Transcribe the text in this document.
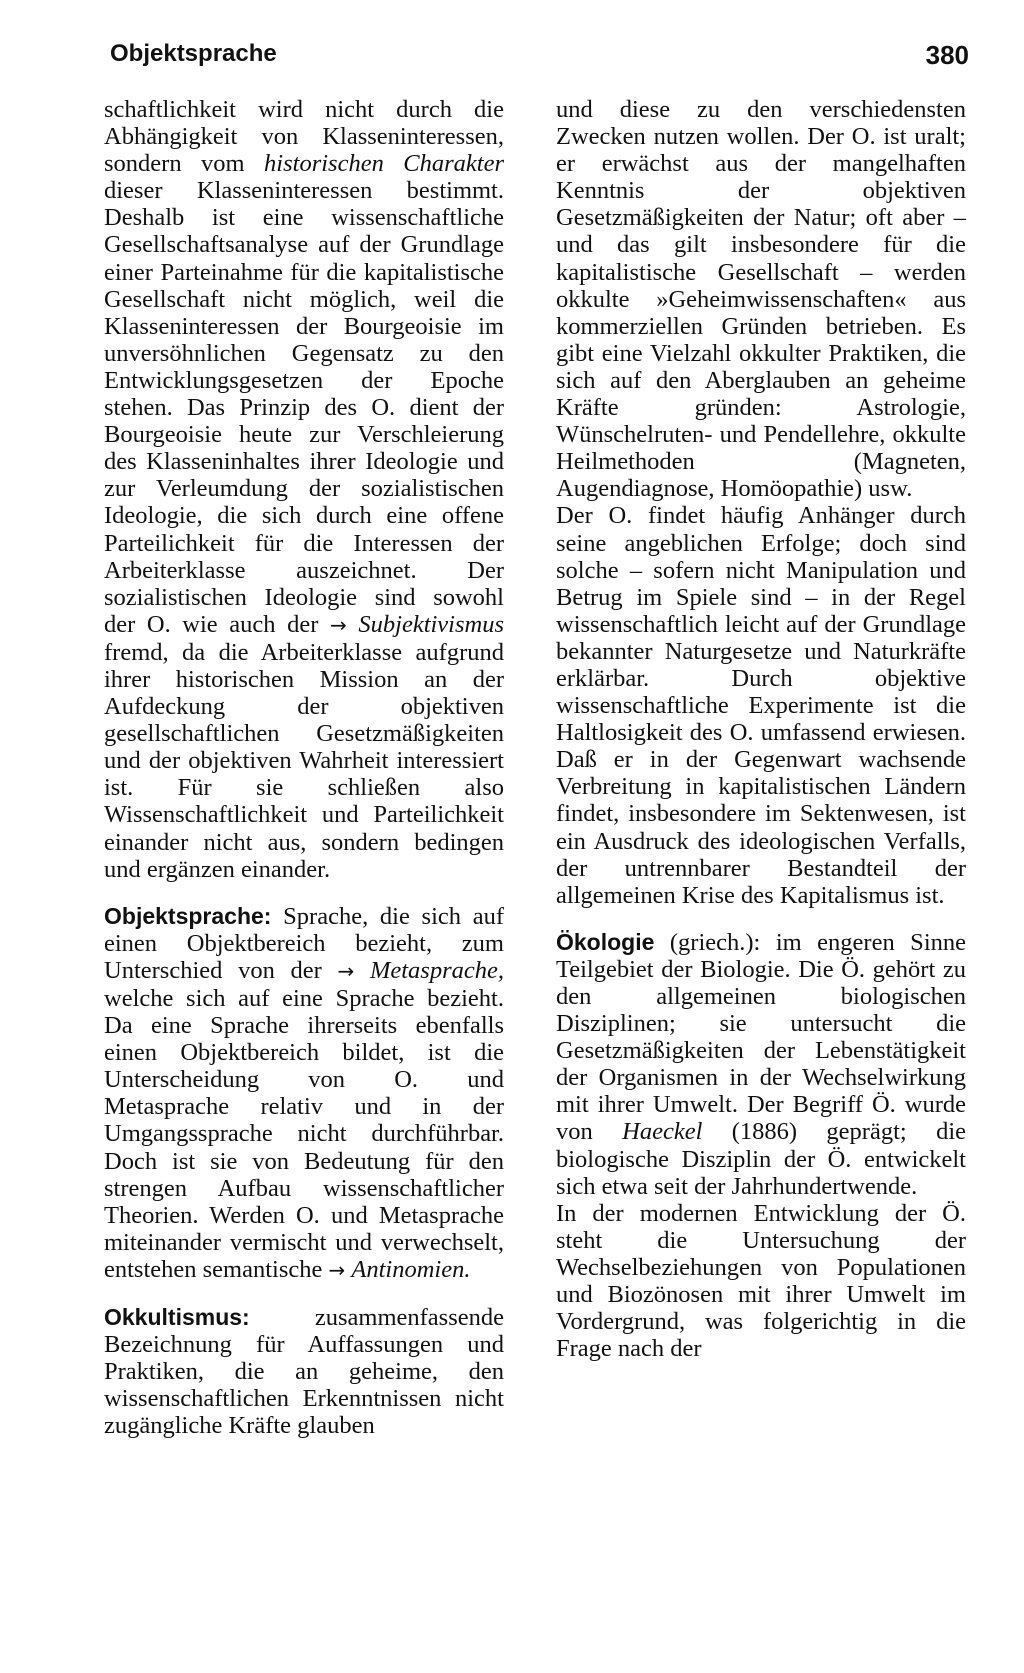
Objektsprache	380

schaftlichkeit wird nicht durch die Abhängigkeit von Klasseninteressen, sondern vom historischen Charakter dieser Klasseninteressen bestimmt. Deshalb ist eine wissenschaftliche Gesellschaftsanalyse auf der Grundlage einer Parteinahme für die kapitalistische Gesellschaft nicht möglich, weil die Klasseninteressen der Bourgeoisie im unversöhnlichen Gegensatz zu den Entwicklungsgesetzen der Epoche stehen. Das Prinzip des O. dient der Bourgeoisie heute zur Verschleierung des Klasseninhaltes ihrer Ideologie und zur Verleumdung der sozialistischen Ideologie, die sich durch eine offene Parteilichkeit für die Interessen der Arbeiterklasse auszeichnet. Der sozialistischen Ideologie sind sowohl der O. wie auch der → Subjektivismus fremd, da die Arbeiterklasse aufgrund ihrer historischen Mission an der Aufdeckung der objektiven gesellschaftlichen Gesetzmäßigkeiten und der objektiven Wahrheit interessiert ist. Für sie schließen also Wissenschaftlichkeit und Parteilichkeit einander nicht aus, sondern bedingen und ergänzen einander.

Objektsprache: Sprache, die sich auf einen Objektbereich bezieht, zum Unterschied von der → Metasprache, welche sich auf eine Sprache bezieht. Da eine Sprache ihrerseits ebenfalls einen Objektbereich bildet, ist die Unterscheidung von O. und Metasprache relativ und in der Umgangssprache nicht durchführbar. Doch ist sie von Bedeutung für den strengen Aufbau wissenschaftlicher Theorien. Werden O. und Metasprache miteinander vermischt und verwechselt, entstehen semantische → Antinomien.

Okkultismus: zusammenfassende Bezeichnung für Auffassungen und Praktiken, die an geheime, den wissenschaftlichen Erkenntnissen nicht zugängliche Kräfte glauben

und diese zu den verschiedensten Zwecken nutzen wollen. Der O. ist uralt; er erwächst aus der mangelhaften Kenntnis der objektiven Gesetzmäßigkeiten der Natur; oft aber – und das gilt insbesondere für die kapitalistische Gesellschaft – werden okkulte »Geheimwissenschaften« aus kommerziellen Gründen betrieben. Es gibt eine Vielzahl okkulter Praktiken, die sich auf den Aberglauben an geheime Kräfte gründen: Astrologie, Wünschelruten- und Pendellehre, okkulte Heilmethoden (Magneten, Augendiagnose, Homöopathie) usw.

Der O. findet häufig Anhänger durch seine angeblichen Erfolge; doch sind solche – sofern nicht Manipulation und Betrug im Spiele sind – in der Regel wissenschaftlich leicht auf der Grundlage bekannter Naturgesetze und Naturkräfte erklärbar. Durch objektive wissenschaftliche Experimente ist die Haltlosigkeit des O. umfassend erwiesen. Daß er in der Gegenwart wachsende Verbreitung in kapitalistischen Ländern findet, insbesondere im Sektenwesen, ist ein Ausdruck des ideologischen Verfalls, der untrennbarer Bestandteil der allgemeinen Krise des Kapitalismus ist.

Ökologie (griech.): im engeren Sinne Teilgebiet der Biologie. Die Ö. gehört zu den allgemeinen biologischen Disziplinen; sie untersucht die Gesetzmäßigkeiten der Lebenstätigkeit der Organismen in der Wechselwirkung mit ihrer Umwelt. Der Begriff Ö. wurde von Haeckel (1886) geprägt; die biologische Disziplin der Ö. entwickelt sich etwa seit der Jahrhundertwende.

In der modernen Entwicklung der Ö. steht die Untersuchung der Wechselbeziehungen von Populationen und Biozönosen mit ihrer Umwelt im Vordergrund, was folgerichtig in die Frage nach der
